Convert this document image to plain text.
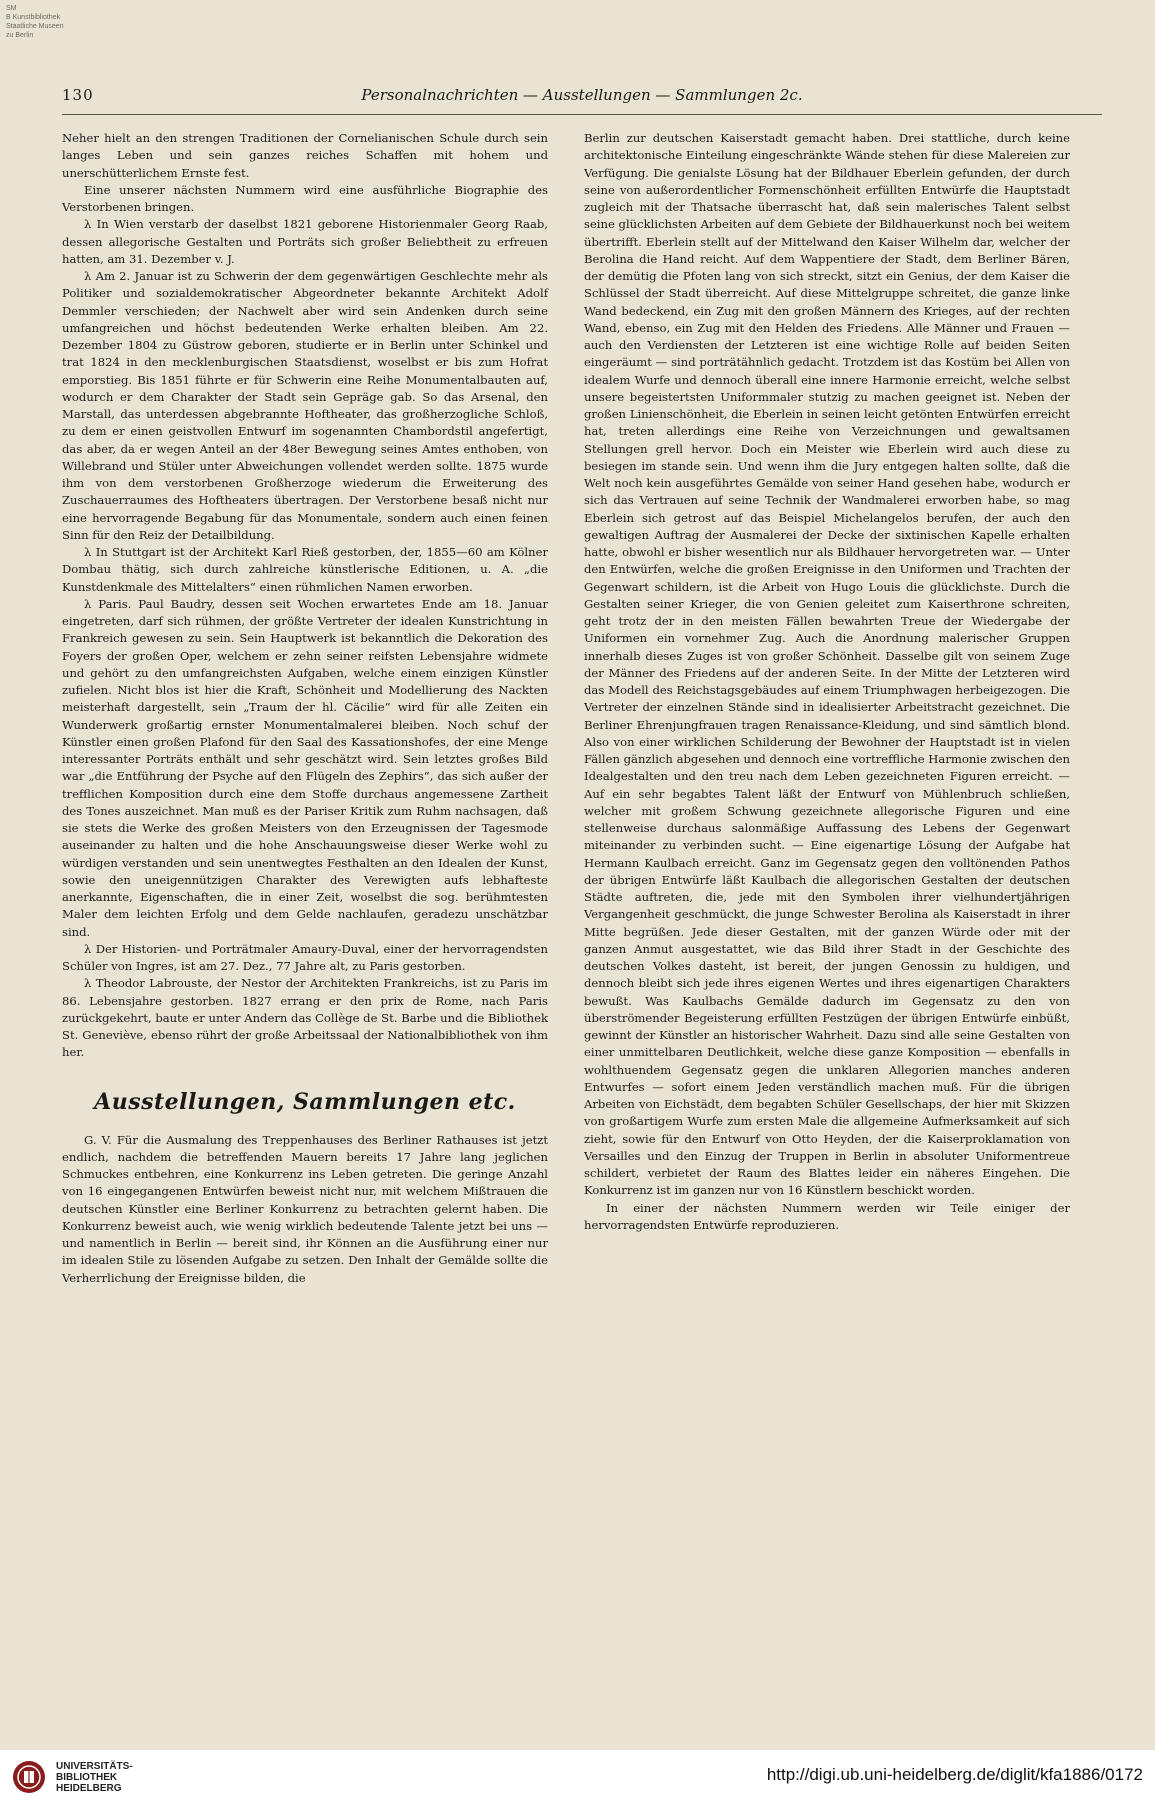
SM
B Kunstbibliothek
Staatliche Museen
zu Berlin
130	Personalnachrichten — Ausstellungen — Sammlungen 2c.

Neher hielt an den strengen Traditionen der Cornelianischen Schule durch sein langes Leben und sein ganzes reiches Schaffen mit hohem und unerschütterlichem Ernste fest.

Eine unserer nächsten Nummern wird eine ausführliche Biographie des Verstorbenen bringen.

λ In Wien verstarb der daselbst 1821 geborene Historienmaler Georg Raab, dessen allegorische Gestalten und Porträts sich großer Beliebtheit zu erfreuen hatten, am 31. Dezember v. J.

λ Am 2. Januar ist zu Schwerin der dem gegenwärtigen Geschlechte mehr als Politiker und sozialdemokratischer Abgeordneter bekannte Architekt Adolf Demmler verschieden; der Nachwelt aber wird sein Andenken durch seine umfangreichen und höchst bedeutenden Werke erhalten bleiben. Am 22. Dezember 1804 zu Güstrow geboren, studierte er in Berlin unter Schinkel und trat 1824 in den mecklenburgischen Staatsdienst, woselbst er bis zum Hofrat emporstieg. Bis 1851 führte er für Schwerin eine Reihe Monumentalbauten auf, wodurch er dem Charakter der Stadt sein Gepräge gab. So das Arsenal, den Marstall, das unterdessen abgebrannte Hoftheater, das großherzogliche Schloß, zu dem er einen geistvollen Entwurf im sogenannten Chambordstil angefertigt, das aber, da er wegen Anteil an der 48er Bewegung seines Amtes enthoben, von Willebrand und Stüler unter Abweichungen vollendet werden sollte. 1875 wurde ihm von dem verstorbenen Großherzoge wiederum die Erweiterung des Zuschauerraumes des Hoftheaters übertragen. Der Verstorbene besaß nicht nur eine hervorragende Begabung für das Monumentale, sondern auch einen feinen Sinn für den Reiz der Detailbildung.

λ In Stuttgart ist der Architekt Karl Rieß gestorben, der, 1855—60 am Kölner Dombau thätig, sich durch zahlreiche künstlerische Editionen, u. A. „die Kunstdenkmale des Mittelalters“ einen rühmlichen Namen erworben.

λ Paris. Paul Baudry, dessen seit Wochen erwartetes Ende am 18. Januar eingetreten, darf sich rühmen, der größte Vertreter der idealen Kunstrichtung in Frankreich gewesen zu sein. Sein Hauptwerk ist bekanntlich die Dekoration des Foyers der großen Oper, welchem er zehn seiner reifsten Lebensjahre widmete und gehört zu den umfangreichsten Aufgaben, welche einem einzigen Künstler zufielen. Nicht blos ist hier die Kraft, Schönheit und Modellierung des Nackten meisterhaft dargestellt, sein „Traum der hl. Cäcilie“ wird für alle Zeiten ein Wunderwerk großartig ernster Monumentalmalerei bleiben. Noch schuf der Künstler einen großen Plafond für den Saal des Kassationshofes, der eine Menge interessanter Porträts enthält und sehr geschätzt wird. Sein letztes großes Bild war „die Entführung der Psyche auf den Flügeln des Zephirs“, das sich außer der trefflichen Komposition durch eine dem Stoffe durchaus angemessene Zartheit des Tones auszeichnet. Man muß es der Pariser Kritik zum Ruhm nachsagen, daß sie stets die Werke des großen Meisters von den Erzeugnissen der Tagesmode auseinander zu halten und die hohe Anschauungsweise dieser Werke wohl zu würdigen verstanden und sein unentwegtes Festhalten an den Idealen der Kunst, sowie den uneigennützigen Charakter des Verewigten aufs lebhafteste anerkannte, Eigenschaften, die in einer Zeit, woselbst die sog. berühmtesten Maler dem leichten Erfolg und dem Gelde nachlaufen, geradezu unschätzbar sind.

λ Der Historien- und Porträtmaler Amaury-Duval, einer der hervorragendsten Schüler von Ingres, ist am 27. Dez., 77 Jahre alt, zu Paris gestorben.

λ Theodor Labrouste, der Nestor der Architekten Frankreichs, ist zu Paris im 86. Lebensjahre gestorben. 1827 errang er den prix de Rome, nach Paris zurückgekehrt, baute er unter Andern das Collège de St. Barbe und die Bibliothek St. Geneviève, ebenso rührt der große Arbeitssaal der Nationalbibliothek von ihm her.

Ausstellungen, Sammlungen etc.

G. V. Für die Ausmalung des Treppenhauses des Berliner Rathauses ist jetzt endlich, nachdem die betreffenden Mauern bereits 17 Jahre lang jeglichen Schmuckes entbehren, eine Konkurrenz ins Leben getreten. Die geringe Anzahl von 16 eingegangenen Entwürfen beweist nicht nur, mit welchem Mißtrauen die deutschen Künstler eine Berliner Konkurrenz zu betrachten gelernt haben. Die Konkurrenz beweist auch, wie wenig wirklich bedeutende Talente jetzt bei uns — und namentlich in Berlin — bereit sind, ihr Können an die Ausführung einer nur im idealen Stile zu lösenden Aufgabe zu setzen. Den Inhalt der Gemälde sollte die Verherrlichung der Ereignisse bilden, die

Berlin zur deutschen Kaiserstadt gemacht haben. Drei stattliche, durch keine architektonische Einteilung eingeschränkte Wände stehen für diese Malereien zur Verfügung. Die genialste Lösung hat der Bildhauer Eberlein gefunden, der durch seine von außerordentlicher Formenschönheit erfüllten Entwürfe die Hauptstadt zugleich mit der Thatsache überrascht hat, daß sein malerisches Talent selbst seine glücklichsten Arbeiten auf dem Gebiete der Bildhauerkunst noch bei weitem übertrifft. Eberlein stellt auf der Mittelwand den Kaiser Wilhelm dar, welcher der Berolina die Hand reicht. Auf dem Wappentiere der Stadt, dem Berliner Bären, der demütig die Pfoten lang von sich streckt, sitzt ein Genius, der dem Kaiser die Schlüssel der Stadt überreicht. Auf diese Mittelgruppe schreitet, die ganze linke Wand bedeckend, ein Zug mit den großen Männern des Krieges, auf der rechten Wand, ebenso, ein Zug mit den Helden des Friedens. Alle Männer und Frauen — auch den Verdiensten der Letzteren ist eine wichtige Rolle auf beiden Seiten eingeräumt — sind porträtähnlich gedacht. Trotzdem ist das Kostüm bei Allen von idealem Wurfe und dennoch überall eine innere Harmonie erreicht, welche selbst unsere begeistertsten Uniformmaler stutzig zu machen geeignet ist. Neben der großen Linienschönheit, die Eberlein in seinen leicht getönten Entwürfen erreicht hat, treten allerdings eine Reihe von Verzeichnungen und gewaltsamen Stellungen grell hervor. Doch ein Meister wie Eberlein wird auch diese zu besiegen im stande sein. Und wenn ihm die Jury entgegen halten sollte, daß die Welt noch kein ausgeführtes Gemälde von seiner Hand gesehen habe, wodurch er sich das Vertrauen auf seine Technik der Wandmalerei erworben habe, so mag Eberlein sich getrost auf das Beispiel Michelangelos berufen, der auch den gewaltigen Auftrag der Ausmalerei der Decke der sixtinischen Kapelle erhalten hatte, obwohl er bisher wesentlich nur als Bildhauer hervorgetreten war. — Unter den Entwürfen, welche die großen Ereignisse in den Uniformen und Trachten der Gegenwart schildern, ist die Arbeit von Hugo Louis die glücklichste. Durch die Gestalten seiner Krieger, die von Genien geleitet zum Kaiserthrone schreiten, geht trotz der in den meisten Fällen bewahrten Treue der Wiedergabe der Uniformen ein vornehmer Zug. Auch die Anordnung malerischer Gruppen innerhalb dieses Zuges ist von großer Schönheit. Dasselbe gilt von seinem Zuge der Männer des Friedens auf der anderen Seite. In der Mitte der Letzteren wird das Modell des Reichstagsgebäudes auf einem Triumphwagen herbeigezogen. Die Vertreter der einzelnen Stände sind in idealisierter Arbeitstracht gezeichnet. Die Berliner Ehrenjungfrauen tragen Renaissance-Kleidung, und sind sämtlich blond. Also von einer wirklichen Schilderung der Bewohner der Hauptstadt ist in vielen Fällen gänzlich abgesehen und dennoch eine vortreffliche Harmonie zwischen den Idealgestalten und den treu nach dem Leben gezeichneten Figuren erreicht. — Auf ein sehr begabtes Talent läßt der Entwurf von Mühlenbruch schließen, welcher mit großem Schwung gezeichnete allegorische Figuren und eine stellenweise durchaus salonmäßige Auffassung des Lebens der Gegenwart miteinander zu verbinden sucht. — Eine eigenartige Lösung der Aufgabe hat Hermann Kaulbach erreicht. Ganz im Gegensatz gegen den volltönenden Pathos der übrigen Entwürfe läßt Kaulbach die allegorischen Gestalten der deutschen Städte auftreten, die, jede mit den Symbolen ihrer vielhundertjährigen Vergangenheit geschmückt, die junge Schwester Berolina als Kaiserstadt in ihrer Mitte begrüßen. Jede dieser Gestalten, mit der ganzen Würde oder mit der ganzen Anmut ausgestattet, wie das Bild ihrer Stadt in der Geschichte des deutschen Volkes dasteht, ist bereit, der jungen Genossin zu huldigen, und dennoch bleibt sich jede ihres eigenen Wertes und ihres eigenartigen Charakters bewußt. Was Kaulbachs Gemälde dadurch im Gegensatz zu den von überströmender Begeisterung erfüllten Festzügen der übrigen Entwürfe einbüßt, gewinnt der Künstler an historischer Wahrheit. Dazu sind alle seine Gestalten von einer unmittelbaren Deutlichkeit, welche diese ganze Komposition — ebenfalls in wohlthuendem Gegensatz gegen die unklaren Allegorien manches anderen Entwurfes — sofort einem Jeden verständlich machen muß. Für die übrigen Arbeiten von Eichstädt, dem begabten Schüler Gesellschaps, der hier mit Skizzen von großartigem Wurfe zum ersten Male die allgemeine Aufmerksamkeit auf sich zieht, sowie für den Entwurf von Otto Heyden, der die Kaiserproklamation von Versailles und den Einzug der Truppen in Berlin in absoluter Uniformentreue schildert, verbietet der Raum des Blattes leider ein näheres Eingehen. Die Konkurrenz ist im ganzen nur von 16 Künstlern beschickt worden.

In einer der nächsten Nummern werden wir Teile einiger der hervorragendsten Entwürfe reproduzieren.

UNIVERSITÄTS-
BIBLIOTHEK
HEIDELBERG
http://digi.ub.uni-heidelberg.de/diglit/kfa1886/0172
